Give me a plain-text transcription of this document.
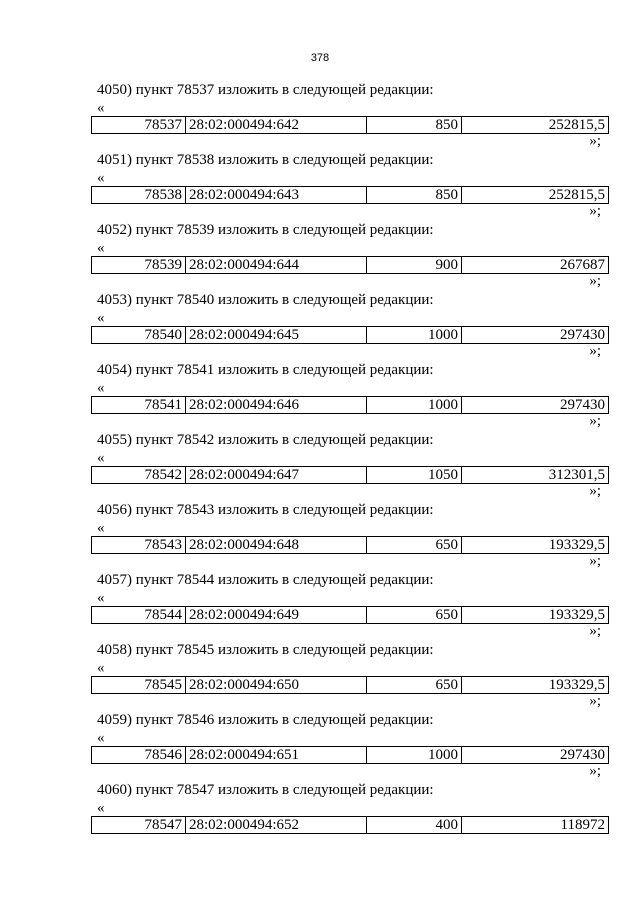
378
4050) пункт 78537 изложить в следующей редакции:
«
78537	28:02:000494:642	850	252815,5
»;
4051) пункт 78538 изложить в следующей редакции:
«
78538	28:02:000494:643	850	252815,5
»;
4052) пункт 78539 изложить в следующей редакции:
«
78539	28:02:000494:644	900	267687
»;
4053) пункт 78540 изложить в следующей редакции:
«
78540	28:02:000494:645	1000	297430
»;
4054) пункт 78541 изложить в следующей редакции:
«
78541	28:02:000494:646	1000	297430
»;
4055) пункт 78542 изложить в следующей редакции:
«
78542	28:02:000494:647	1050	312301,5
»;
4056) пункт 78543 изложить в следующей редакции:
«
78543	28:02:000494:648	650	193329,5
»;
4057) пункт 78544 изложить в следующей редакции:
«
78544	28:02:000494:649	650	193329,5
»;
4058) пункт 78545 изложить в следующей редакции:
«
78545	28:02:000494:650	650	193329,5
»;
4059) пункт 78546 изложить в следующей редакции:
«
78546	28:02:000494:651	1000	297430
»;
4060) пункт 78547 изложить в следующей редакции:
«
78547	28:02:000494:652	400	118972
